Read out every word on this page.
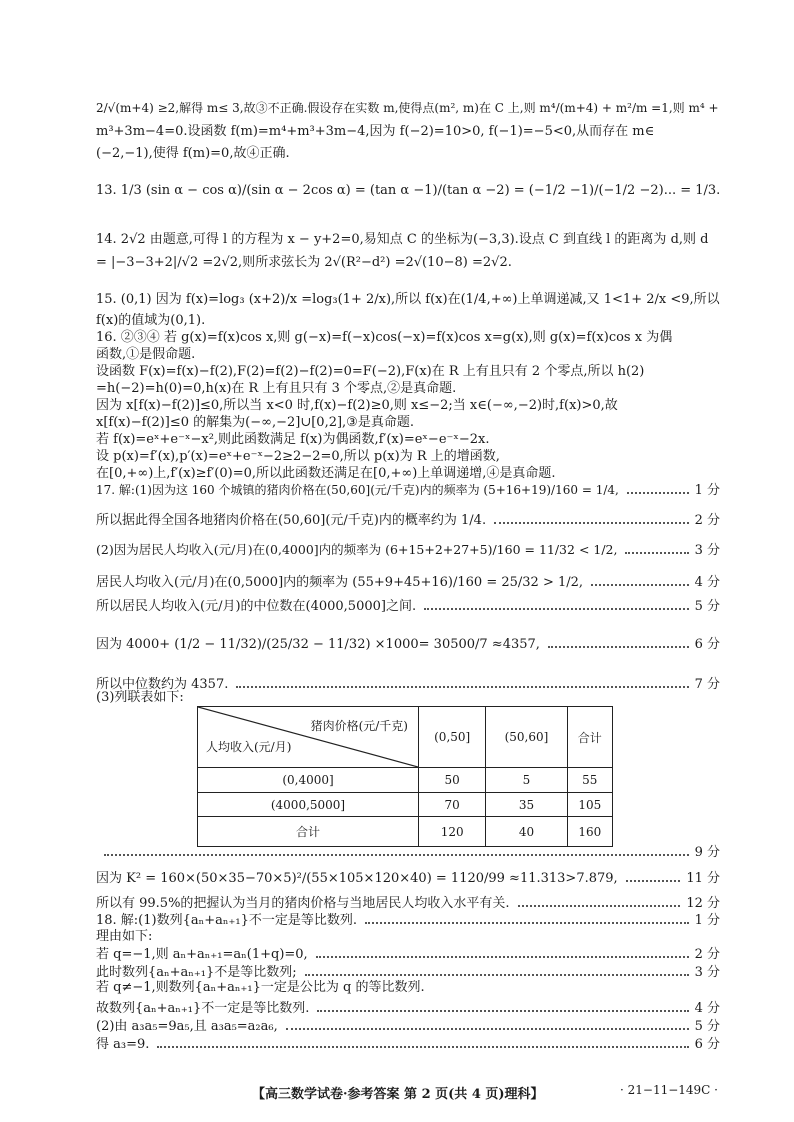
2/√(m+4) ≥2,解得 m≤ 3,故③不正确.假设存在实数 m,使得点(m², m)在 C 上,则 m⁴/(m+4) + m²/m =1,则 m⁴ +
m³+3m−4=0.设函数 f(m)=m⁴+m³+3m−4,因为 f(−2)=10>0, f(−1)=−5<0,从而存在 m∈
(−2,−1),使得 f(m)=0,故④正确.
13. 1/3 (sin α − cos α)/(sin α − 2cos α) = (tan α −1)/(tan α −2) = (−1/2 −1)/(−1/2 −2)... = 1/3.
14. 2√2 由题意,可得 l 的方程为 x − y+2=0,易知点 C 的坐标为(−3,3).设点 C 到直线 l 的距离为 d,则 d
= |−3−3+2|/√2 =2√2,则所求弦长为 2√(R²−d²) =2√(10−8) =2√2.
15. (0,1) 因为 f(x)=log₃ (x+2)/x =log₃(1+ 2/x),所以 f(x)在(1/4,+∞)上单调递减,又 1<1+ 2/x <9,所以
f(x)的值域为(0,1).
16. ②③④ 若 g(x)=f(x)cos x,则 g(−x)=f(−x)cos(−x)=f(x)cos x=g(x),则 g(x)=f(x)cos x 为偶
函数,①是假命题.
设函数 F(x)=f(x)−f(2),F(2)=f(2)−f(2)=0=F(−2),F(x)在 R 上有且只有 2 个零点,所以 h(2)
=h(−2)=h(0)=0,h(x)在 R 上有且只有 3 个零点,②是真命题.
因为 x[f(x)−f(2)]≤0,所以当 x<0 时,f(x)−f(2)≥0,则 x≤−2;当 x∈(−∞,−2)时,f(x)>0,故
x[f(x)−f(2)]≤0 的解集为(−∞,−2]∪[0,2],③是真命题.
若 f(x)=eˣ+e⁻ˣ−x²,则此函数满足 f(x)为偶函数,f′(x)=eˣ−e⁻ˣ−2x.
设 p(x)=f′(x),p′(x)=eˣ+e⁻ˣ−2≥2−2=0,所以 p(x)为 R 上的增函数,
在[0,+∞)上,f′(x)≥f′(0)=0,所以此函数还满足在[0,+∞)上单调递增,④是真命题.
17. 解:(1)因为这 160 个城镇的猪肉价格在(50,60](元/千克)内的频率为 (5+16+19)/160 = 1/4,	1 分
所以据此得全国各地猪肉价格在(50,60](元/千克)内的概率约为 1/4.	2 分
(2)因为居民人均收入(元/月)在(0,4000]内的频率为 (6+15+2+27+5)/160 = 11/32 < 1/2,	3 分
居民人均收入(元/月)在(0,5000]内的频率为 (55+9+45+16)/160 = 25/32 > 1/2,	4 分
所以居民人均收入(元/月)的中位数在(4000,5000]之间.	5 分
因为 4000+ (1/2 − 11/32)/(25/32 − 11/32) ×1000= 30500/7 ≈4357,	6 分
所以中位数约为 4357.	7 分
(3)列联表如下:
猪肉价格(元/千克)
人均收入(元/月)	(0,50]	(50,60]	合计
(0,4000]	50	5	55
(4000,5000]	70	35	105
合计	120	40	160
9 分
因为 K² = 160×(50×35−70×5)²/(55×105×120×40) = 1120/99 ≈11.313>7.879,	11 分
所以有 99.5%的把握认为当月的猪肉价格与当地居民人均收入水平有关.	12 分
18. 解:(1)数列{aₙ+aₙ₊₁}不一定是等比数列.	1 分
理由如下:
若 q=−1,则 aₙ+aₙ₊₁=aₙ(1+q)=0,	2 分
此时数列{aₙ+aₙ₊₁}不是等比数列;	3 分
若 q≠−1,则数列{aₙ+aₙ₊₁}一定是公比为 q 的等比数列.
故数列{aₙ+aₙ₊₁}不一定是等比数列.	4 分
(2)由 a₃a₅=9a₅,且 a₃a₅=a₂a₆,	5 分
得 a₃=9.	6 分
【高三数学试卷·参考答案 第 2 页(共 4 页)理科】	· 21−11−149C ·
